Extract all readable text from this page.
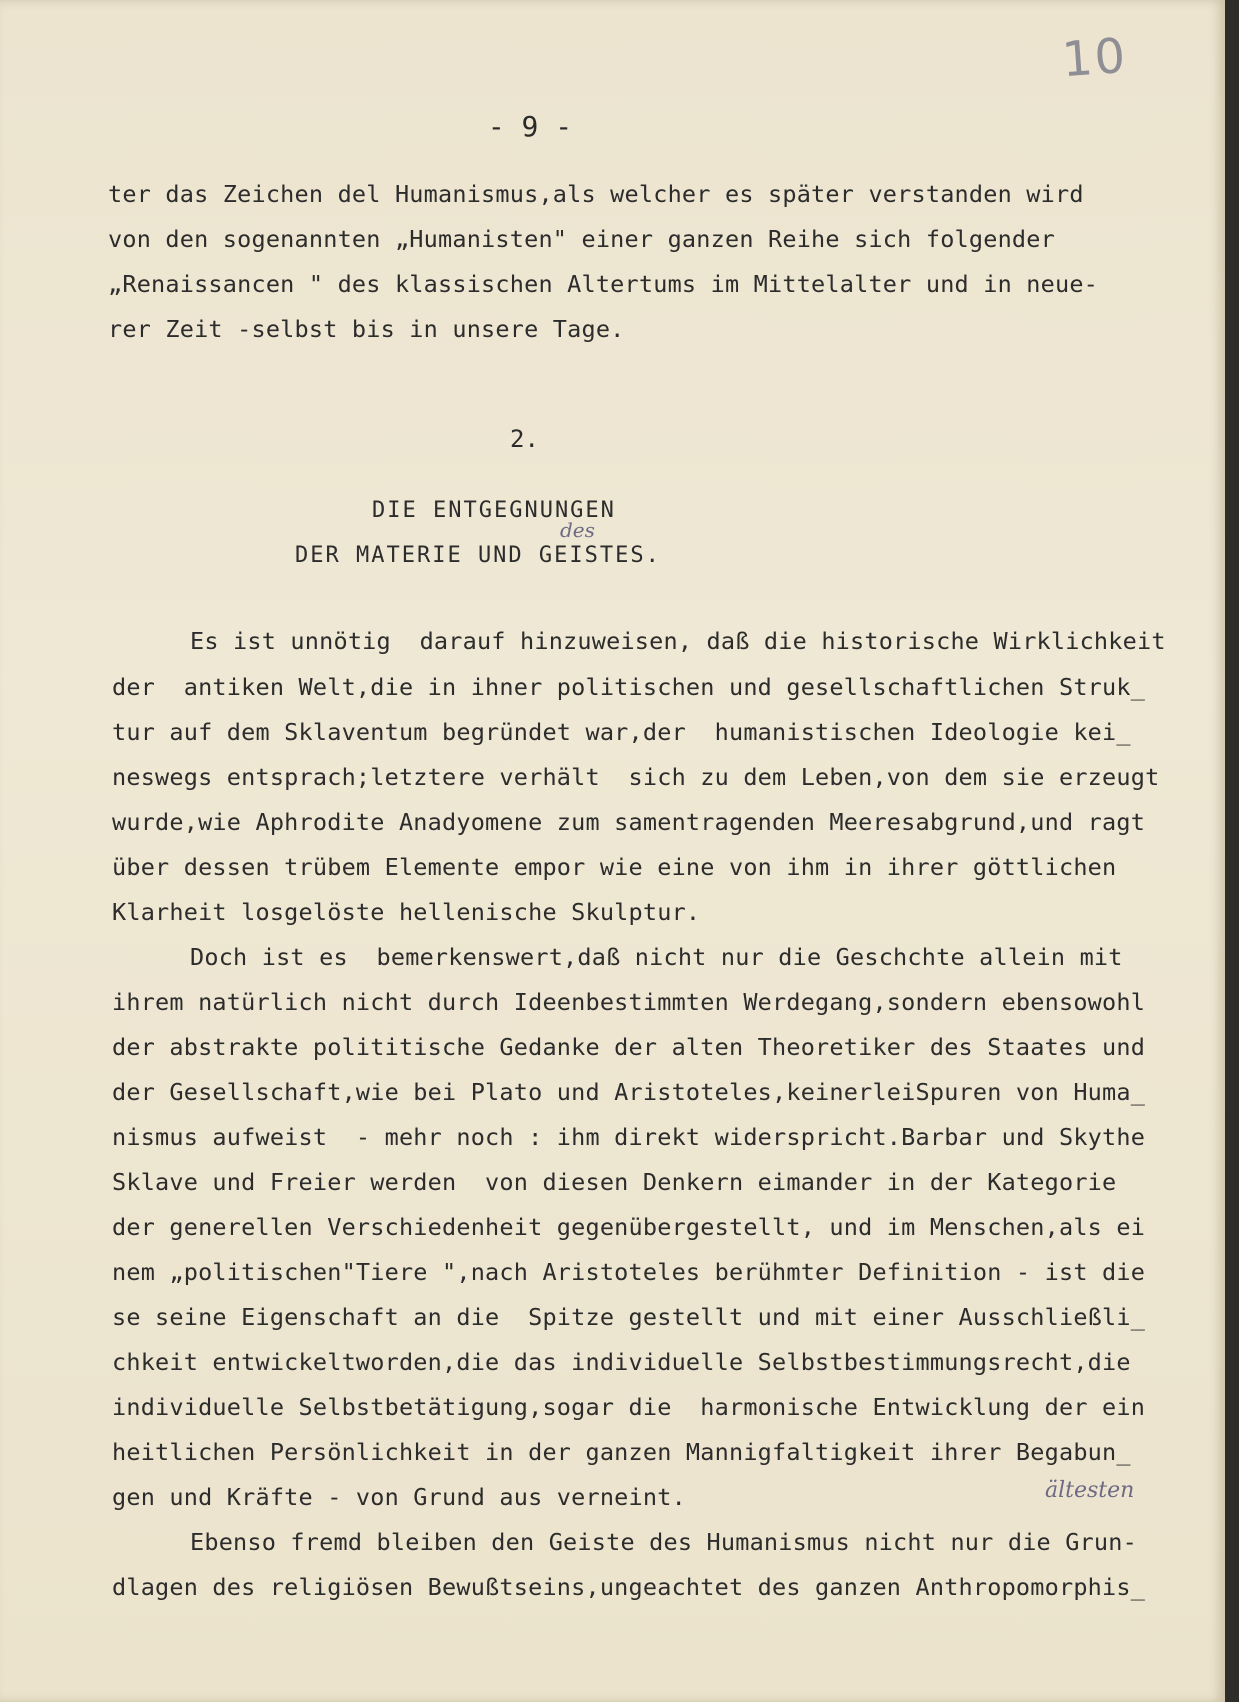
10
- 9 -
ter das Zeichen del Humanismus,als welcher es später verstanden wird
von den sogenannten „Humanisten" einer ganzen Reihe sich folgender
„Renaissancen " des klassischen Altertums im Mittelalter und in neue-
rer Zeit -selbst bis in unsere Tage.
2.
DIE ENTGEGNUNGEN
des
DER MATERIE UND GEISTES.
Es ist unnötig  darauf hinzuweisen, daß die historische Wirklichkeit
der  antiken Welt,die in ihner politischen und gesellschaftlichen Struk_
tur auf dem Sklaventum begründet war,der  humanistischen Ideologie kei_
neswegs entsprach;letztere verhält  sich zu dem Leben,von dem sie erzeugt
wurde,wie Aphrodite Anadyomene zum samentragenden Meeresabgrund,und ragt
über dessen trübem Elemente empor wie eine von ihm in ihrer göttlichen
Klarheit losgelöste hellenische Skulptur.
Doch ist es  bemerkenswert,daß nicht nur die Geschchte allein mit
ihrem natürlich nicht durch Ideenbestimmten Werdegang,sondern ebensowohl
der abstrakte polititische Gedanke der alten Theoretiker des Staates und
der Gesellschaft,wie bei Plato und Aristoteles,keinerleiSpuren von Huma_
nismus aufweist  - mehr noch : ihm direkt widerspricht.Barbar und Skythe
Sklave und Freier werden  von diesen Denkern eimander in der Kategorie
der generellen Verschiedenheit gegenübergestellt, und im Menschen,als ei
nem „politischen"Tiere ",nach Aristoteles berühmter Definition - ist die
se seine Eigenschaft an die  Spitze gestellt und mit einer Ausschließli_
chkeit entwickeltworden,die das individuelle Selbstbestimmungsrecht,die
individuelle Selbstbetätigung,sogar die  harmonische Entwicklung der ein
heitlichen Persönlichkeit in der ganzen Mannigfaltigkeit ihrer Begabun_
gen und Kräfte - von Grund aus verneint.	ältesten
Ebenso fremd bleiben den Geiste des Humanismus nicht nur die Grun-
dlagen des religiösen Bewußtseins,ungeachtet des ganzen Anthropomorphis_
